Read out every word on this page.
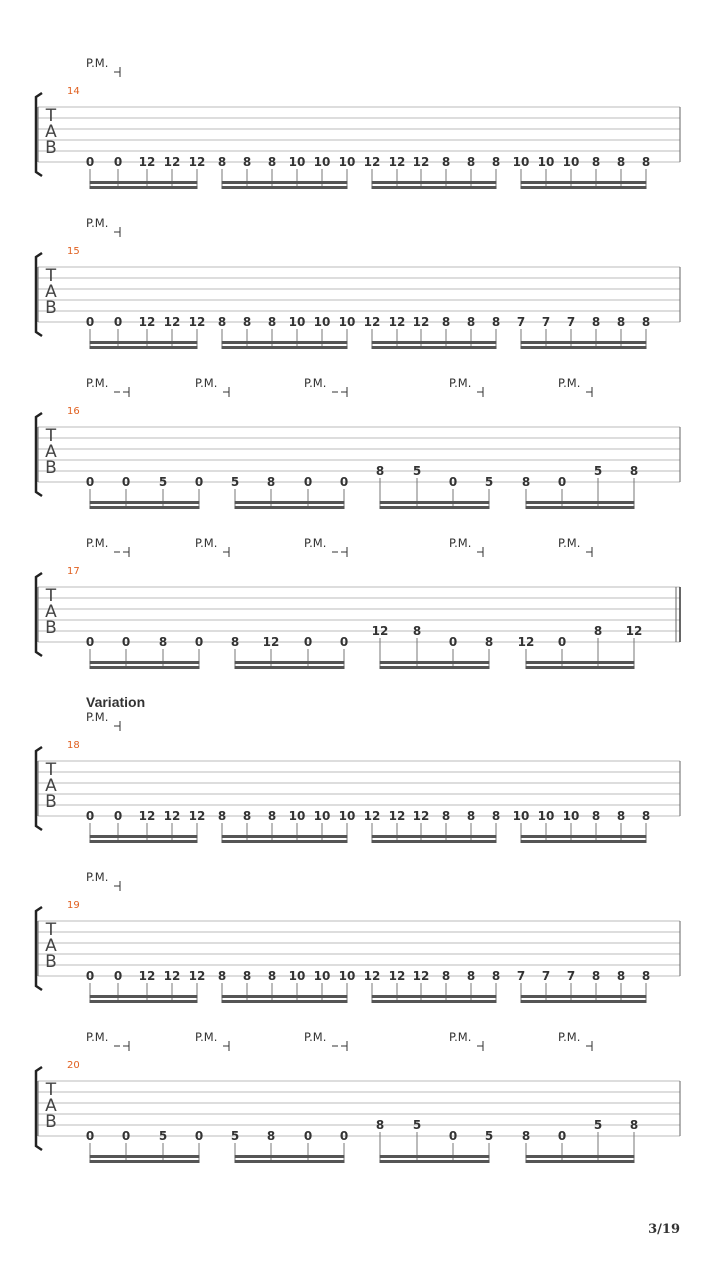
P.M.
14
T
A
B
0 0 12 12 12 8 8 8 10 10 10 12 12 12 8 8 8 10 10 10 8 8 8
P.M.
15
T
A
B
0 0 12 12 12 8 8 8 10 10 10 12 12 12 8 8 8 7 7 7 8 8 8
P.M.	P.M.	P.M.	P.M.	P.M.
16
T
A
B
0 0 5 0 5 8 0 0	0 5 8 0
8 5	5 8
P.M.	P.M.	P.M.	P.M.	P.M.
17
T
A
B
0 0 8 0 8 12 0 0	0 8 12 0
12 8	8 12
Variation
P.M.
18
T
A
B
0 0 12 12 12 8 8 8 10 10 10 12 12 12 8 8 8 10 10 10 8 8 8
P.M.
19
T
A
B
0 0 12 12 12 8 8 8 10 10 10 12 12 12 8 8 8 7 7 7 8 8 8
P.M.	P.M.	P.M.	P.M.	P.M.
20
T
A
B
0 0 5 0 5 8 0 0	0 5 8 0
8 5	5 8
3/19
